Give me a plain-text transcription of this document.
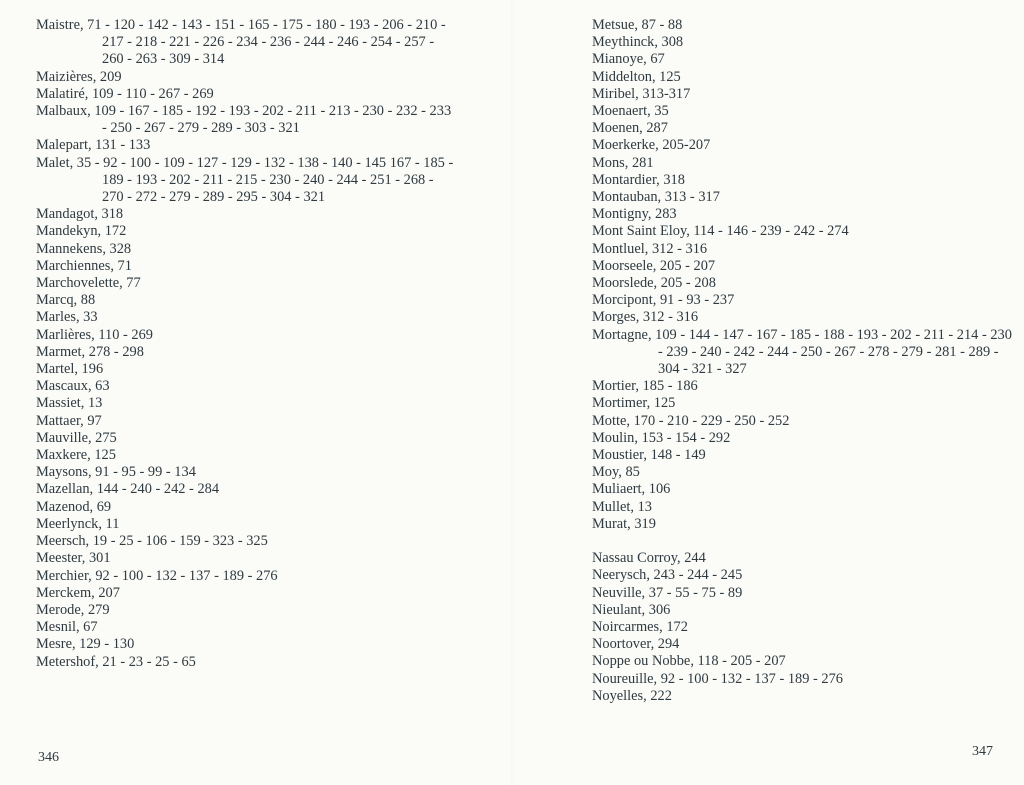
Maistre, 71 - 120 - 142 - 143 - 151 - 165 - 175 - 180 - 193 - 206 - 210 - 217 - 218 - 221 - 226 - 234 - 236 - 244 - 246 - 254 - 257 - 260 - 263 - 309 - 314
Maizières, 209
Malatiré, 109 - 110 - 267 - 269
Malbaux, 109 - 167 - 185 - 192 - 193 - 202 - 211 - 213 - 230 - 232 - 233 - 250 - 267 - 279 - 289 - 303 - 321
Malepart, 131 - 133
Malet, 35 - 92 - 100 - 109 - 127 - 129 - 132 - 138 - 140 - 145 167 - 185 - 189 - 193 - 202 - 211 - 215 - 230 - 240 - 244 - 251 - 268 - 270 - 272 - 279 - 289 - 295 - 304 - 321
Mandagot, 318
Mandekyn, 172
Mannekens, 328
Marchiennes, 71
Marchovelette, 77
Marcq, 88
Marles, 33
Marlières, 110 - 269
Marmet, 278 - 298
Martel, 196
Mascaux, 63
Massiet, 13
Mattaer, 97
Mauville, 275
Maxkere, 125
Maysons, 91 - 95 - 99 - 134
Mazellan, 144 - 240 - 242 - 284
Mazenod, 69
Meerlynck, 11
Meersch, 19 - 25 - 106 - 159 - 323 - 325
Meester, 301
Merchier, 92 - 100 - 132 - 137 - 189 - 276
Merckem, 207
Merode, 279
Mesnil, 67
Mesre, 129 - 130
Metershof, 21 - 23 - 25 - 65
346
Metsue, 87 - 88
Meythinck, 308
Mianoye, 67
Middelton, 125
Miribel, 313-317
Moenaert, 35
Moenen, 287
Moerkerke, 205-207
Mons, 281
Montardier, 318
Montauban, 313 - 317
Montigny, 283
Mont Saint Eloy, 114 - 146 - 239 - 242 - 274
Montluel, 312 - 316
Moorseele, 205 - 207
Moorslede, 205 - 208
Morcipont, 91 - 93 - 237
Morges, 312 - 316
Mortagne, 109 - 144 - 147 - 167 - 185 - 188 - 193 - 202 - 211 - 214 - 230 - 239 - 240 - 242 - 244 - 250 - 267 - 278 - 279 - 281 - 289 - 304 - 321 - 327
Mortier, 185 - 186
Mortimer, 125
Motte, 170 - 210 - 229 - 250 - 252
Moulin, 153 - 154 - 292
Moustier, 148 - 149
Moy, 85
Muliaert, 106
Mullet, 13
Murat, 319
Nassau Corroy, 244
Neerysch, 243 - 244 - 245
Neuville, 37 - 55 - 75 - 89
Nieulant, 306
Noircarmes, 172
Noortover, 294
Noppe ou Nobbe, 118 - 205 - 207
Noureuille, 92 - 100 - 132 - 137 - 189 - 276
Noyelles, 222
347
